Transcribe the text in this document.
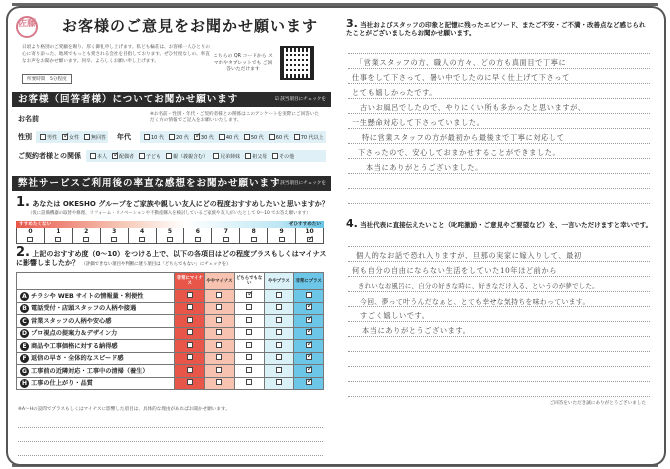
佐藤 お客様のご意見をお聞かせ願います
日頃より格別のご愛顧を賜り、厚く御礼申し上げます。私ども輪荘は、お客様一人ひとりの心に寄り添った、地域でもっとも愛される会社を目指しております。ぜひ忖度なしの、率直なお声をお聞かせ願います。何卒、よろしくお願い申し上げます。
所要時間　5分程度
こちらの QR コードから スマホやタブレットでも ご回答いただけます
お客様（回答者様）についてお聞かせ願います	☑ 該当項目にチェックを
お名前
※お名前・性別・年代・ご契約者様との関係はこのアンケートを実際にご回答いただく方の情報でご記入をお願いいたします。
性別	男性 ✓ 女性 無回答 年代	10 代 20 代 ✓ 30 代 40 代 50 代 60 代 70 代以上
ご契約者様との関係	本人 ✓ 配偶者 子ども 親（義親含む） 兄弟姉妹 祖父母 その他
弊社サービスご利用後の率直な感想をお聞かせ願います
☑ 該当項目にチェックを
1. あなたは OKESHO グループをご家族や親しい友人にどの程度おすすめしたいと思いますか？
（仮に設備機器の取替や修理、リフォーム・リノベーションや不動産購入を検討しているご家族や友人がいたとして 0〜10 でお答え願います）
すすめたくない	ぜひすすめたい
0	1	2	3	4	5	6	7	8	9	10
✓
2. 上記のおすすめ度（0〜10）をつける上で、以下の各項目はどの程度プラスもしくはマイナスに影響しましたか？ （評価できない項目や判断に迷う項目は「どちらでもない」にチェックを）
	非常にマイナス	ややマイナス	どちらでもない	ややプラス	非常にプラス
A チラシや WEB サイトの情報量・利便性			✓		
B 電話受付・店頭スタッフの人柄や接遇					✓
C 営業スタッフの人柄や安心感					✓
D プロ視点の提案力＆デザイン力					✓
E 商品や工事価格に対する納得感					✓
F 返信の早さ・全体的なスピード感					✓
G 工事前の近隣対応・工事中の清掃（養生）					✓
H 工事の仕上がり・品質					✓
※A〜Hの設問でプラスもしくはマイナスに影響した項目は、具体的な理由があればお聞かせ願います。
3. 当社およびスタッフの印象と記憶に残ったエピソード、またご不安・ご不満・改善点など感じられたことがございましたらお聞かせ願います。
「営業スタッフの方、職人の方々、どの方も真面目で丁寧に
仕事をして下さって、暑い中でしたのに早く仕上げて下さって
とても嬉しかったです。
古いお風呂でしたので、やりにくい所も多かったと思いますが、
一生懸命対応して下さっていました。
特に営業スタッフの方が最初から最後まで丁寧に対応して
下さったので、安心しておまかせすることができました。
本当にありがとうございました。
4. 当社代表に直接伝えたいこと（叱咤激励・ご意見やご要望など）を、一言いただけますと幸いです。
個人的なお話で恐れ入りますが、旦那の実家に嫁入りして、最初
何も自分の自由にならない生活をしていた10年ほど前から
きれいなお風呂に、自分の好きな時に、好きなだけ入る、というのが夢でした。
今回、夢って叶うんだなぁと、とても幸せな気持ちを味わっています。
すごく嬉しいです。
本当にありがとうございます。
ご回答をいただき誠にありがとうございました
